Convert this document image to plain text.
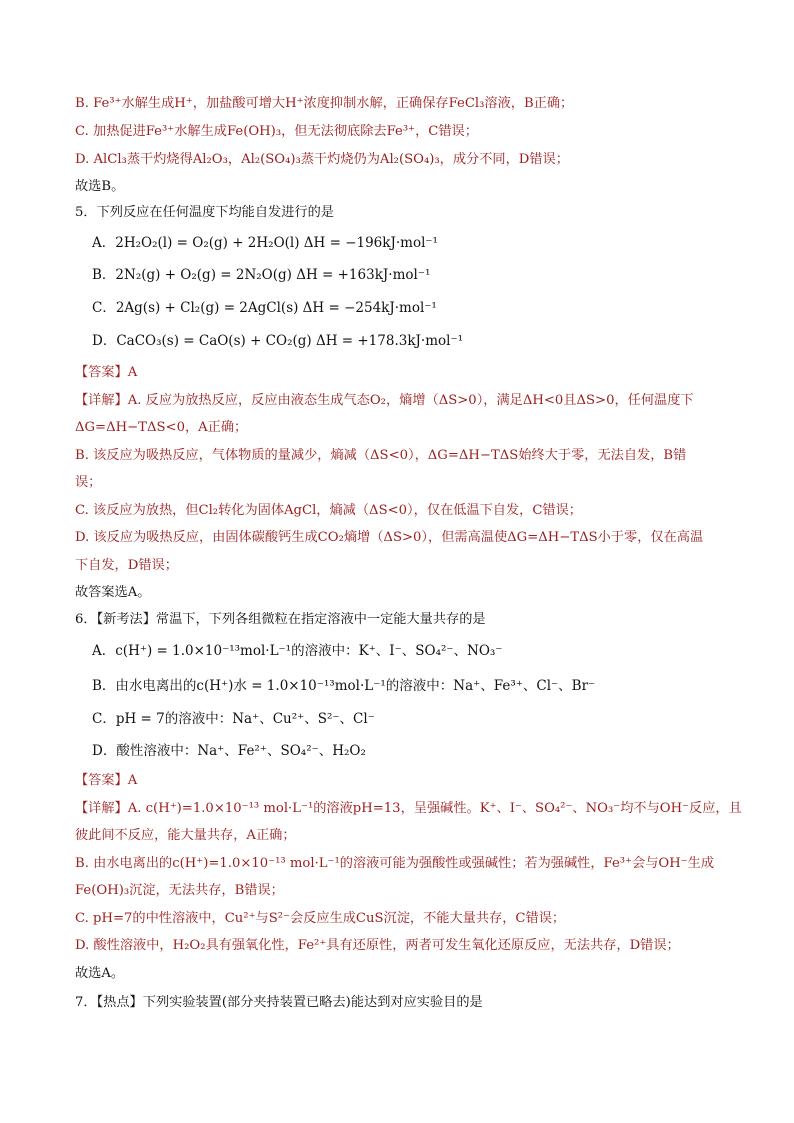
B. Fe³⁺水解生成H⁺，加盐酸可增大H⁺浓度抑制水解，正确保存FeCl₃溶液，B正确；
C. 加热促进Fe³⁺水解生成Fe(OH)₃，但无法彻底除去Fe³⁺，C错误；
D. AlCl₃蒸干灼烧得Al₂O₃，Al₂(SO₄)₃蒸干灼烧仍为Al₂(SO₄)₃，成分不同，D错误；
故选B。
5．下列反应在任何温度下均能自发进行的是
A．2H₂O₂(l) = O₂(g) + 2H₂O(l) ΔH = −196kJ·mol⁻¹
B．2N₂(g) + O₂(g) = 2N₂O(g) ΔH = +163kJ·mol⁻¹
C．2Ag(s) + Cl₂(g) = 2AgCl(s) ΔH = −254kJ·mol⁻¹
D．CaCO₃(s) = CaO(s) + CO₂(g) ΔH = +178.3kJ·mol⁻¹
【答案】A
【详解】A. 反应为放热反应，反应由液态生成气态O₂，熵增（ΔS>0），满足ΔH<0且ΔS>0，任何温度下
ΔG=ΔH−TΔS<0，A正确；
B. 该反应为吸热反应，气体物质的量减少，熵减（ΔS<0），ΔG=ΔH−TΔS始终大于零，无法自发，B错
误；
C. 该反应为放热，但Cl₂转化为固体AgCl，熵减（ΔS<0），仅在低温下自发，C错误；
D. 该反应为吸热反应，由固体碳酸钙生成CO₂熵增（ΔS>0），但需高温使ΔG=ΔH−TΔS小于零，仅在高温
下自发，D错误；
故答案选A。
6．【新考法】常温下，下列各组微粒在指定溶液中一定能大量共存的是
A．c(H⁺) = 1.0×10⁻¹³mol·L⁻¹的溶液中：K⁺、I⁻、SO₄²⁻、NO₃⁻
B．由水电离出的c(H⁺)水 = 1.0×10⁻¹³mol·L⁻¹的溶液中：Na⁺、Fe³⁺、Cl⁻、Br⁻
C．pH = 7的溶液中：Na⁺、Cu²⁺、S²⁻、Cl⁻
D．酸性溶液中：Na⁺、Fe²⁺、SO₄²⁻、H₂O₂
【答案】A
【详解】A. c(H⁺)=1.0×10⁻¹³ mol·L⁻¹的溶液pH=13，呈强碱性。K⁺、I⁻、SO₄²⁻、NO₃⁻均不与OH⁻反应，且
彼此间不反应，能大量共存，A正确；
B. 由水电离出的c(H⁺)=1.0×10⁻¹³ mol·L⁻¹的溶液可能为强酸性或强碱性；若为强碱性，Fe³⁺会与OH⁻生成
Fe(OH)₃沉淀，无法共存，B错误；
C. pH=7的中性溶液中，Cu²⁺与S²⁻会反应生成CuS沉淀，不能大量共存，C错误；
D. 酸性溶液中，H₂O₂具有强氧化性，Fe²⁺具有还原性，两者可发生氧化还原反应，无法共存，D错误；
故选A。
7．【热点】下列实验装置(部分夹持装置已略去)能达到对应实验目的是
